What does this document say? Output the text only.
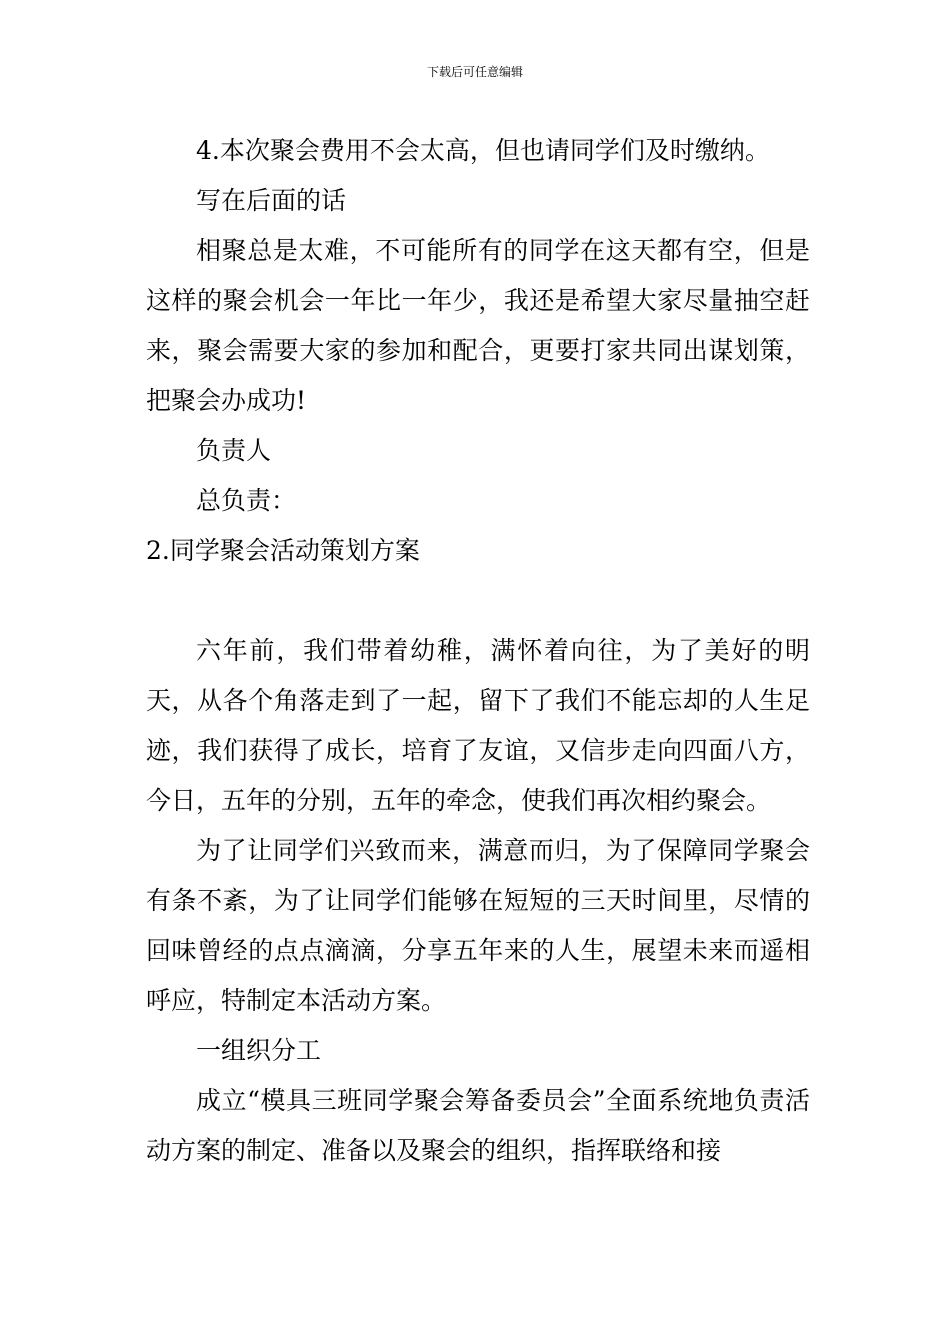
下载后可任意编辑

4.本次聚会费用不会太高，但也请同学们及时缴纳。

写在后面的话

相聚总是太难，不可能所有的同学在这天都有空，但是这样的聚会机会一年比一年少，我还是希望大家尽量抽空赶来，聚会需要大家的参加和配合，更要打家共同出谋划策，把聚会办成功!

负责人

总负责：

2.同学聚会活动策划方案

六年前，我们带着幼稚，满怀着向往，为了美好的明天，从各个角落走到了一起，留下了我们不能忘却的人生足迹，我们获得了成长，培育了友谊，又信步走向四面八方，今日，五年的分别，五年的牵念，使我们再次相约聚会。

为了让同学们兴致而来，满意而归，为了保障同学聚会有条不紊，为了让同学们能够在短短的三天时间里，尽情的回味曾经的点点滴滴，分享五年来的人生，展望未来而遥相呼应，特制定本活动方案。

一组织分工

成立“模具三班同学聚会筹备委员会”全面系统地负责活动方案的制定、准备以及聚会的组织，指挥联络和接
